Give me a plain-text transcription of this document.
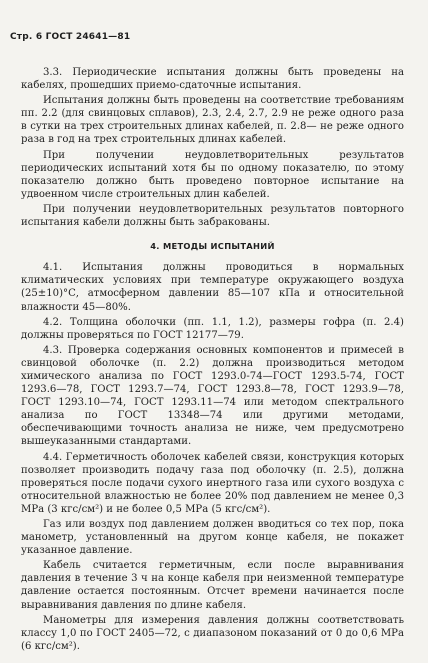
Стр. 6 ГОСТ 24641—81

3.3. Периодические испытания должны быть проведены на кабелях, прошедших приемо-сдаточные испытания.

Испытания должны быть проведены на соответствие требованиям пп. 2.2 (для свинцовых сплавов), 2.3, 2.4, 2.7, 2.9 не реже одного раза в сутки на трех строительных длинах кабелей, п. 2.8— не реже одного раза в год на трех строительных длинах кабелей.

При получении неудовлетворительных результатов периодических испытаний хотя бы по одному показателю, по этому показателю должно быть проведено повторное испытание на удвоенном числе строительных длин кабелей.

При получении неудовлетворительных результатов повторного испытания кабели должны быть забракованы.

4. МЕТОДЫ ИСПЫТАНИЙ

4.1. Испытания должны проводиться в нормальных климатических условиях при температуре окружающего воздуха (25±10)°С, атмосферном давлении 85—107 кПа и относительной влажности 45—80%.

4.2. Толщина оболочки (пп. 1.1, 1.2), размеры гофра (п. 2.4) должны проверяться по ГОСТ 12177—79.

4.3. Проверка содержания основных компонентов и примесей в свинцовой оболочке (п. 2.2) должна производиться методом химического анализа по ГОСТ 1293.0-74—ГОСТ 1293.5-74, ГОСТ 1293.6—78, ГОСТ 1293.7—74, ГОСТ 1293.8—78, ГОСТ 1293.9—78, ГОСТ 1293.10—74, ГОСТ 1293.11—74 или методом спектрального анализа по ГОСТ 13348—74 или другими методами, обеспечивающими точность анализа не ниже, чем предусмотрено вышеуказанными стандартами.

4.4. Герметичность оболочек кабелей связи, конструкция которых позволяет производить подачу газа под оболочку (п. 2.5), должна проверяться после подачи сухого инертного газа или сухого воздуха с относительной влажностью не более 20% под давлением не менее 0,3 МРа (3 кгс/см²) и не более 0,5 МРа (5 кгс/см²).

Газ или воздух под давлением должен вводиться со тех пор, пока манометр, установленный на другом конце кабеля, не покажет указанное давление.

Кабель считается герметичным, если после выравнивания давления в течение 3 ч на конце кабеля при неизменной температуре давление остается постоянным. Отсчет времени начинается после выравнивания давления по длине кабеля.

Манометры для измерения давления должны соответствовать классу 1,0 по ГОСТ 2405—72, с диапазоном показаний от 0 до 0,6 МРа (6 кгс/см²).
